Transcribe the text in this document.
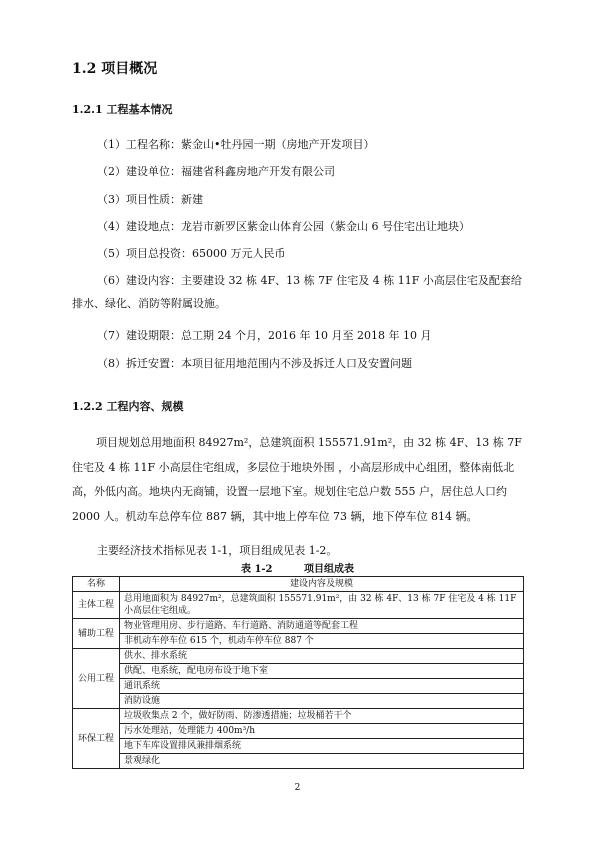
1.2 项目概况
1.2.1 工程基本情况
（1）工程名称：紫金山•牡丹园一期（房地产开发项目）
（2）建设单位：福建省科鑫房地产开发有限公司
（3）项目性质：新建
（4）建设地点：龙岩市新罗区紫金山体育公园（紫金山 6 号住宅出让地块）
（5）项目总投资：65000 万元人民币
（6）建设内容：主要建设 32 栋 4F、13 栋 7F 住宅及 4 栋 11F 小高层住宅及配套给排水、绿化、消防等附属设施。
（7）建设期限：总工期 24 个月，2016 年 10 月至 2018 年 10 月
（8）拆迁安置：本项目征用地范围内不涉及拆迁人口及安置问题
1.2.2 工程内容、规模
项目规划总用地面积 84927m²，总建筑面积 155571.91m²，由 32 栋 4F、13 栋 7F 住宅及 4 栋 11F 小高层住宅组成，多层位于地块外围 ，小高层形成中心组团，整体南低北高，外低内高。地块内无商铺，设置一层地下室。规划住宅总户数 555 户，居住总人口约 2000 人。机动车总停车位 887 辆，其中地上停车位 73 辆，地下停车位 814 辆。
主要经济技术指标见表 1-1，项目组成见表 1-2。
表 1-2	项目组成表
名称	建设内容及规模
主体工程	总用地面积为 84927m²，总建筑面积 155571.91m²，由 32 栋 4F、13 栋 7F 住宅及 4 栋 11F 小高层住宅组成。
辅助工程	物业管理用房、步行道路、车行道路、消防通道等配套工程
	非机动车停车位 615 个，机动车停车位 887 个
公用工程	供水、排水系统
	供配、电系统，配电房布设于地下室
	通讯系统
	消防设施
环保工程	垃圾收集点 2 个，做好防雨、防渗透措施；垃圾桶若干个
	污水处理站，处理能力 400m³/h
	地下车库设置排风兼排烟系统
	景观绿化
2
